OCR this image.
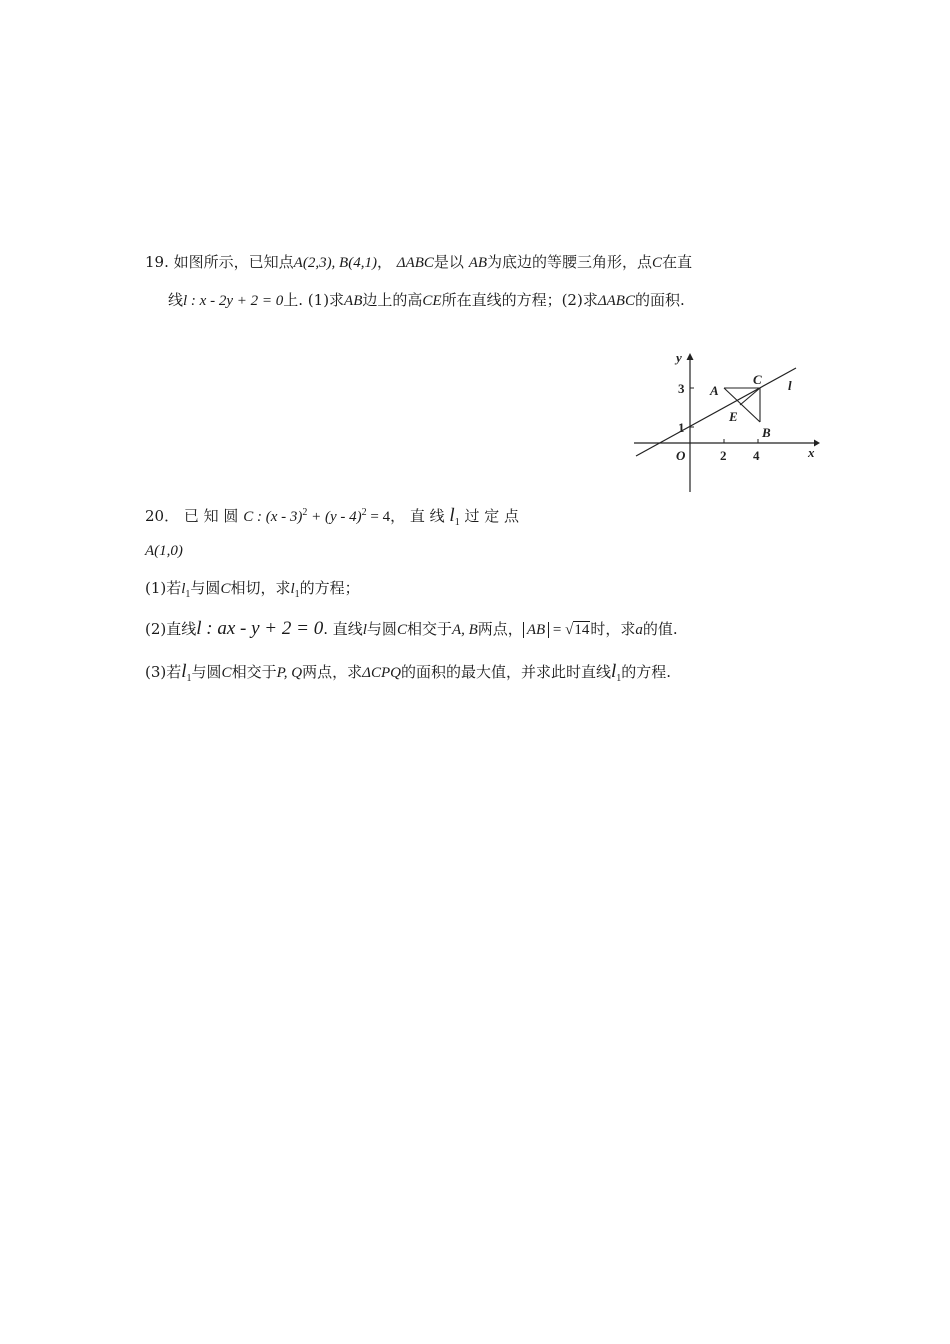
19. 如图所示，已知点A(2,3), B(4,1)， ΔABC是以 AB为底边的等腰三角形，点C在直
线l : x - 2y + 2 = 0上. (1)求AB边上的高CE所在直线的方程；(2)求ΔABC的面积.
y
x
O
3
1
2 4
A
C
E
B
l
20． 已 知 圆 C : (x - 3)$^2$ + (y - 4)$^2$ = 4， 直 线 $l_1$ 过 定 点
A(1,0)
(1)若$l_1$与圆C相切，求$l_1$的方程；
(2)直线l : ax - y + 2 = 0. 直线l与圆C相交于A, B两点， AB = √14时，求a的值.
(3)若$l_1$与圆C相交于P, Q两点，求ΔCPQ的面积的最大值，并求此时直线$l_1$的方程.
